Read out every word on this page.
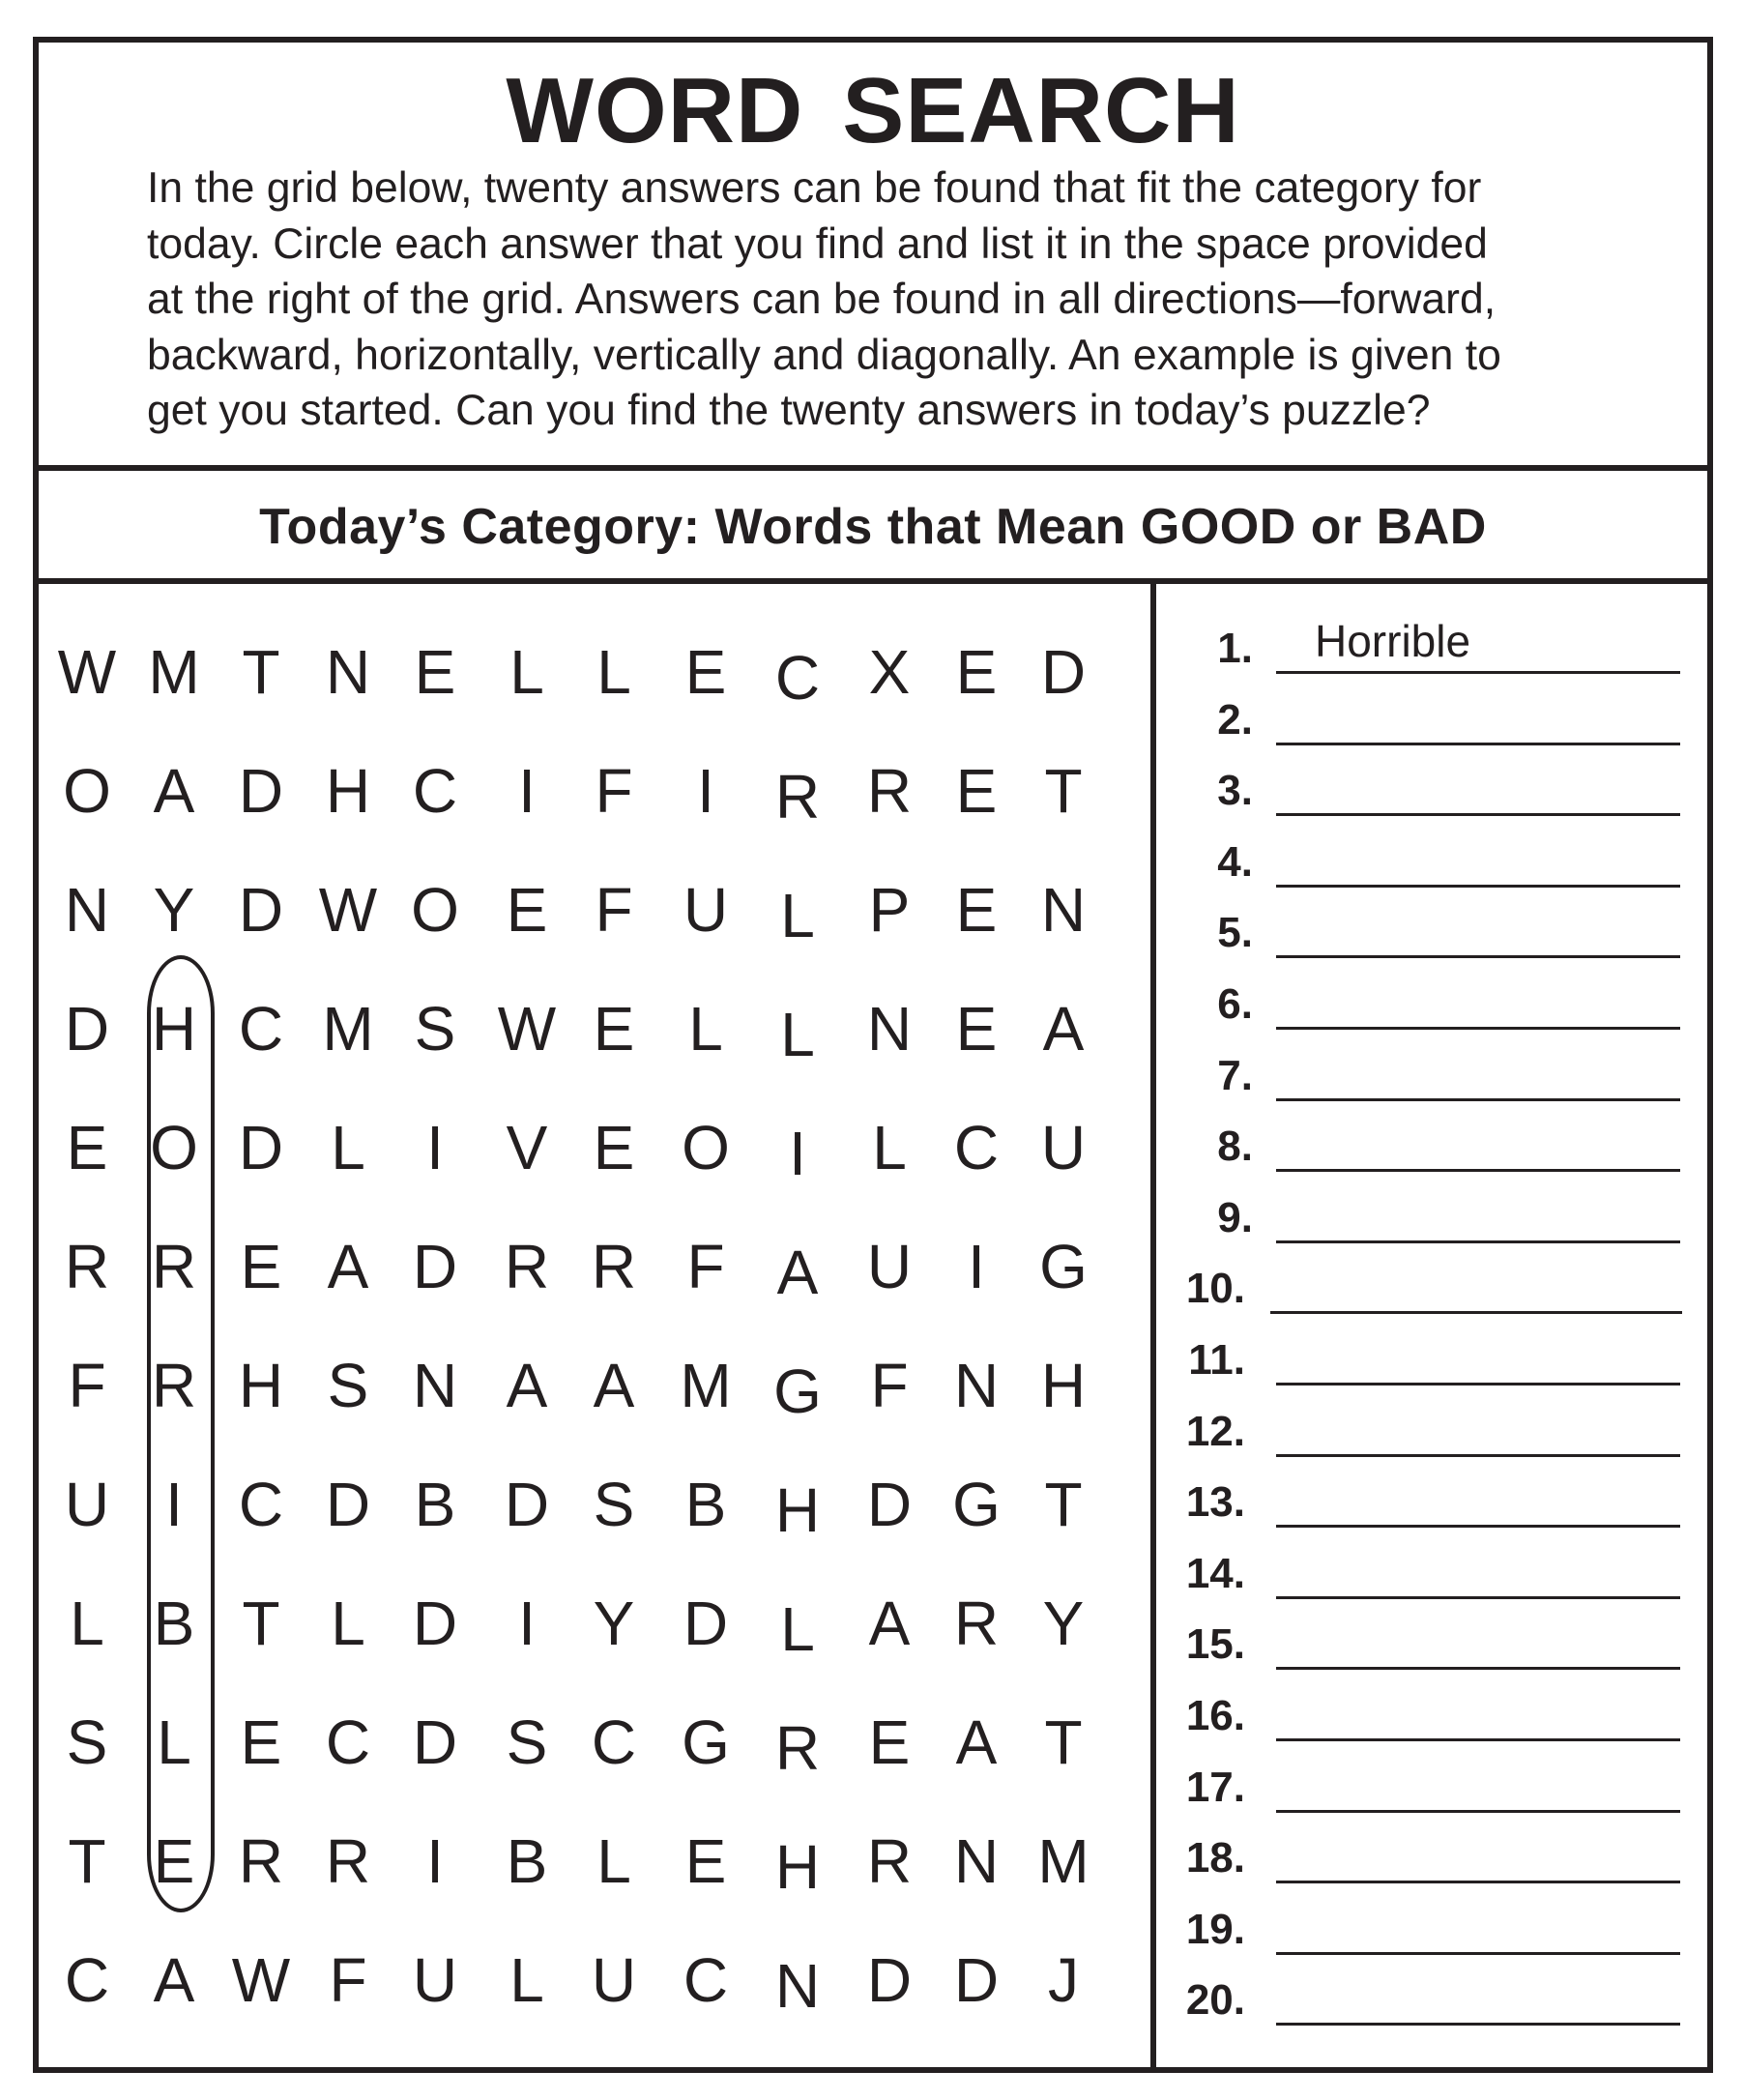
WORD SEARCH

In the grid below, twenty answers can be found that fit the category for
today. Circle each answer that you find and list it in the space provided
at the right of the grid. Answers can be found in all directions—forward,
backward, horizontally, vertically and diagonally. An example is given to
get you started. Can you find the twenty answers in today’s puzzle?

Today’s Category: Words that Mean GOOD or BAD
W M T N E L L E C X E D
O A D H C I F	I R R E T
N Y D W O E F U L P E N
D H C M S W E L L N E A
E O D L I	V E O I	L C U
R R E A D R R F A U I G
F R H S N A A M G F N H
U I C D B D S B H D G T
L B T L D I Y D L A R Y
S L E C D S C G R E A T
T E R R I	B L E H R N M
C A W F U L U C N D D J
1. Horrible
2.
3.
4.
5.
6.
7.
8.
9.
10.
11.
12.
13.
14.
15.
16.
17.
18.
19.
20.
